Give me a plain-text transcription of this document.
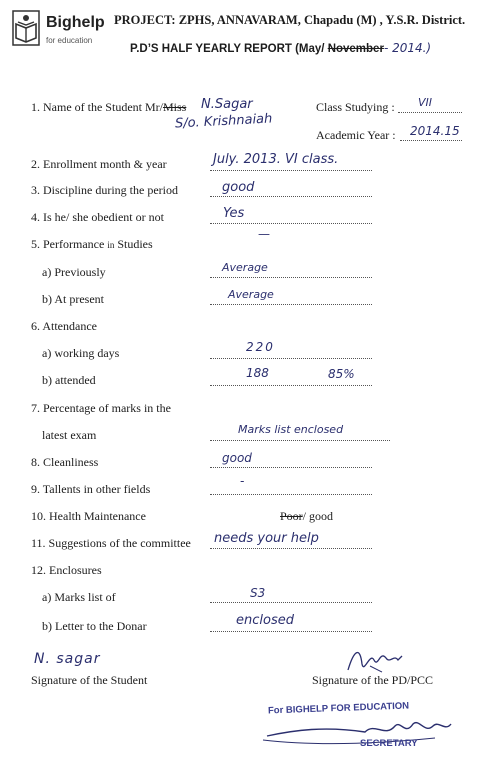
Bighelp
for education
PROJECT: ZPHS, ANNAVARAM, Chapadu (M) , Y.S.R. District.
P.D’S HALF YEARLY REPORT (May/ November- 2014.)
1. Name of the Student Mr/Miss N.Sagar
S/o. Krishnaiah
Class Studying : VII
Academic Year : 2014.15
2. Enrollment month & year	July. 2013. VI class.
3. Discipline during the period	good
4. Is he/ she obedient or not	Yes
5. Performance in Studies
—
a) Previously	Average
b) At present	Average
6. Attendance
a) working days	220
b) attended	188	85%
7. Percentage of marks in the
latest exam	Marks list enclosed
8. Cleanliness	good
9. Tallents in other fields
-
10. Health Maintenance	Poor/ good
11. Suggestions of the committee needs your help
12. Enclosures
a) Marks list of	S3
b) Letter to the Donar	enclosed
N. sagar
Signature of the Student	Signature of the PD/PCC
For BIGHELP FOR EDUCATION
SECRETARY
